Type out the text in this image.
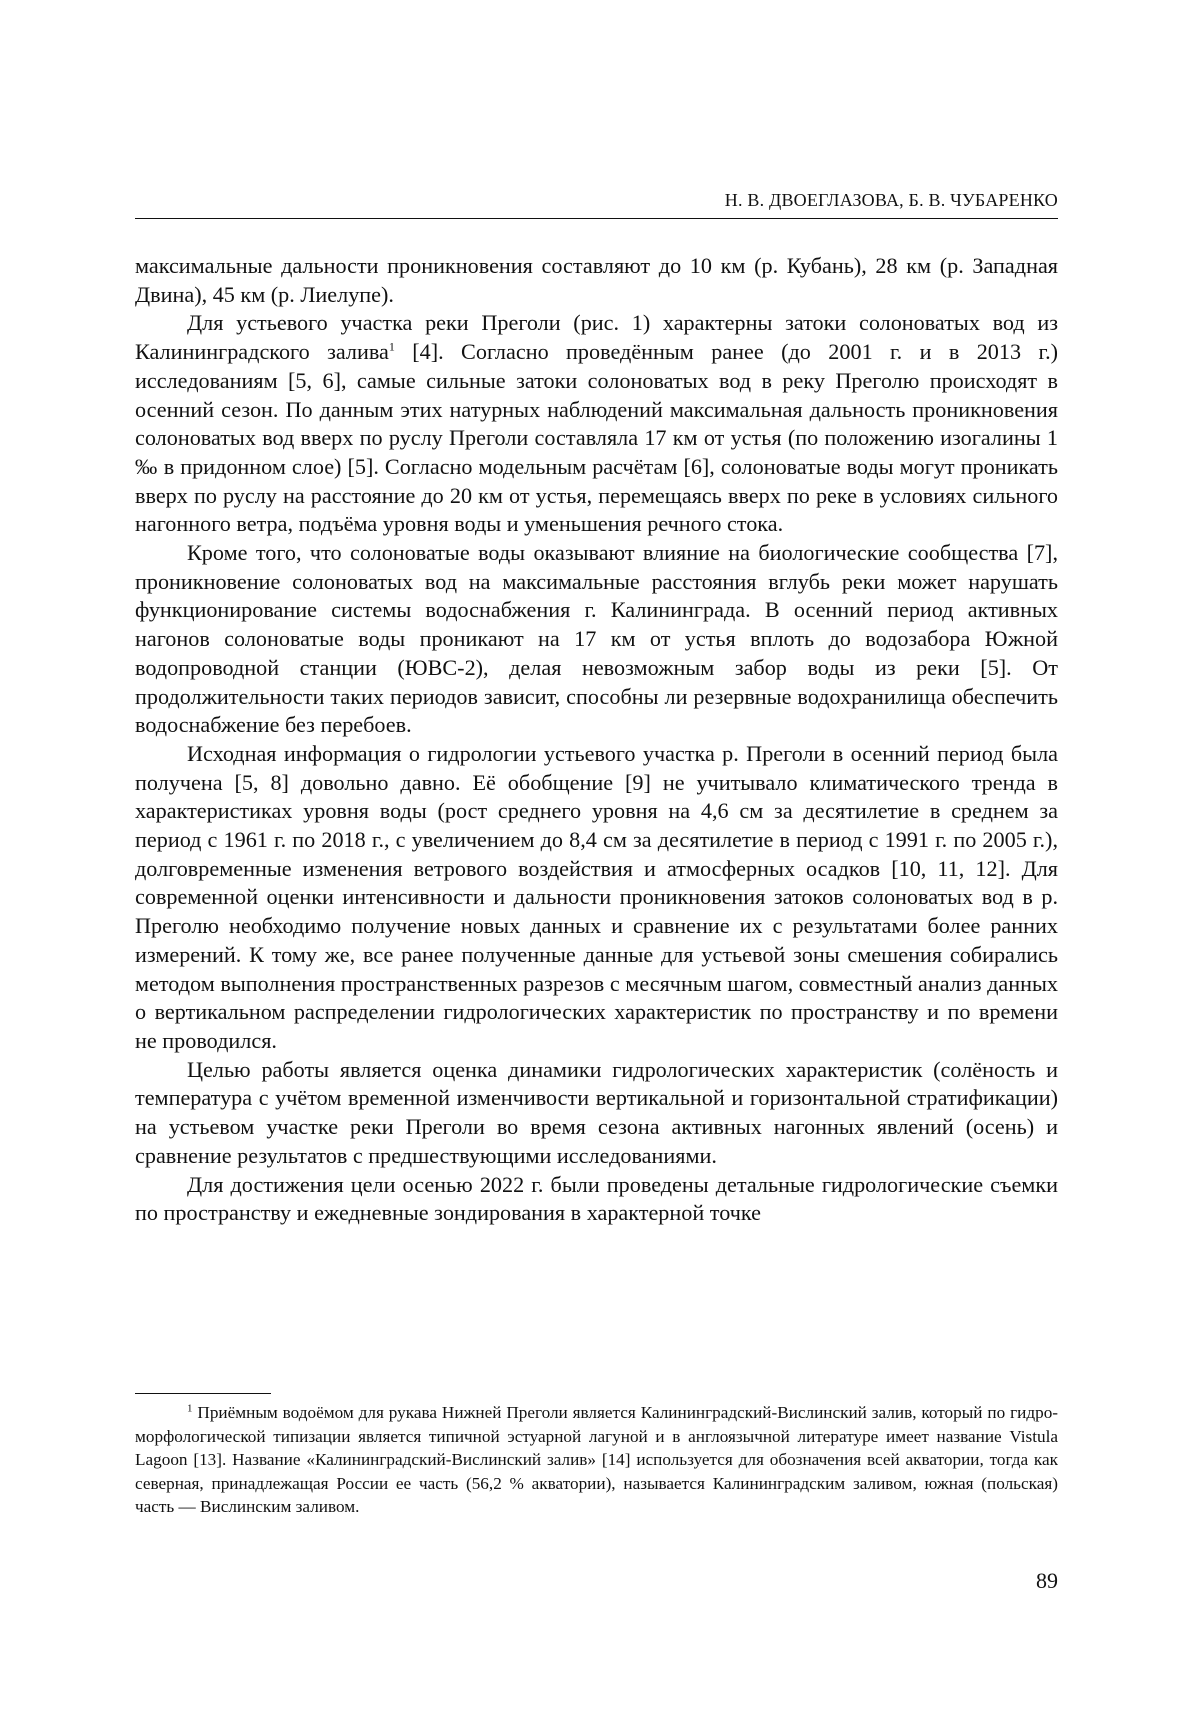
Н. В. ДВОЕГЛАЗОВА, Б. В. ЧУБАРЕНКО

максимальные дальности проникновения составляют до 10 км (р. Кубань), 28 км (р. Западная Двина), 45 км (р. Лиелупе).

Для устьевого участка реки Преголи (рис. 1) характерны затоки солоноватых вод из Калининградского залива$^1$ [4]. Согласно проведённым ранее (до 2001 г. и в 2013 г.) исследованиям [5, 6], самые сильные затоки солоноватых вод в реку Преголю происходят в осенний сезон. По данным этих натурных наблюдений максимальная дальность проникновения солоноватых вод вверх по руслу Преголи составляла 17 км от устья (по положению изогалины 1 ‰ в придонном слое) [5]. Согласно модельным расчётам [6], солоноватые воды могут проникать вверх по руслу на расстояние до 20 км от устья, перемещаясь вверх по реке в условиях сильного нагонного ветра, подъёма уровня воды и уменьшения речного стока.

Кроме того, что солоноватые воды оказывают влияние на биологические сообщества [7], проникновение солоноватых вод на максимальные расстояния вглубь реки может нарушать функционирование системы водоснабжения г. Калининграда. В осенний период активных нагонов солоноватые воды проникают на 17 км от устья вплоть до водозабора Южной водопроводной станции (ЮВС-2), делая невозможным забор воды из реки [5]. От продолжительности таких периодов зависит, способны ли резервные водохранилища обеспечить водоснабжение без перебоев.

Исходная информация о гидрологии устьевого участка р. Преголи в осенний период была получена [5, 8] довольно давно. Её обобщение [9] не учитывало климатического тренда в характеристиках уровня воды (рост среднего уровня на 4,6 см за десятилетие в среднем за период с 1961 г. по 2018 г., с увеличением до 8,4 см за десятилетие в период с 1991 г. по 2005 г.), долговременные изменения ветрового воздействия и атмосферных осадков [10, 11, 12]. Для современной оценки интенсивности и дальности проникновения затоков солоноватых вод в р. Преголю необходимо получение новых данных и сравнение их с результатами более ранних измерений. К тому же, все ранее полученные данные для устьевой зоны смешения собирались методом выполнения пространственных разрезов с месячным шагом, совместный анализ данных о вертикальном распределении гидрологических характеристик по пространству и по времени не проводился.

Целью работы является оценка динамики гидрологических характеристик (солёность и температура с учётом временной изменчивости вертикальной и горизонтальной стратификации) на устьевом участке реки Преголи во время сезона активных нагонных явлений (осень) и сравнение результатов с предшествующими исследованиями.

Для достижения цели осенью 2022 г. были проведены детальные гидрологические съемки по пространству и ежедневные зондирования в характерной точке

$^1$ Приёмным водоёмом для рукава Нижней Преголи является Калининградский-Вислинский залив, который по гидро-морфологической типизации является типичной эстуарной лагуной и в англоязычной литературе имеет название Vistula Lagoon [13]. Название «Калининградский-Вислинский залив» [14] используется для обозначения всей акватории, тогда как северная, принадлежащая России ее часть (56,2 % акватории), называется Калининградским заливом, южная (польская) часть — Вислинским заливом.
89
